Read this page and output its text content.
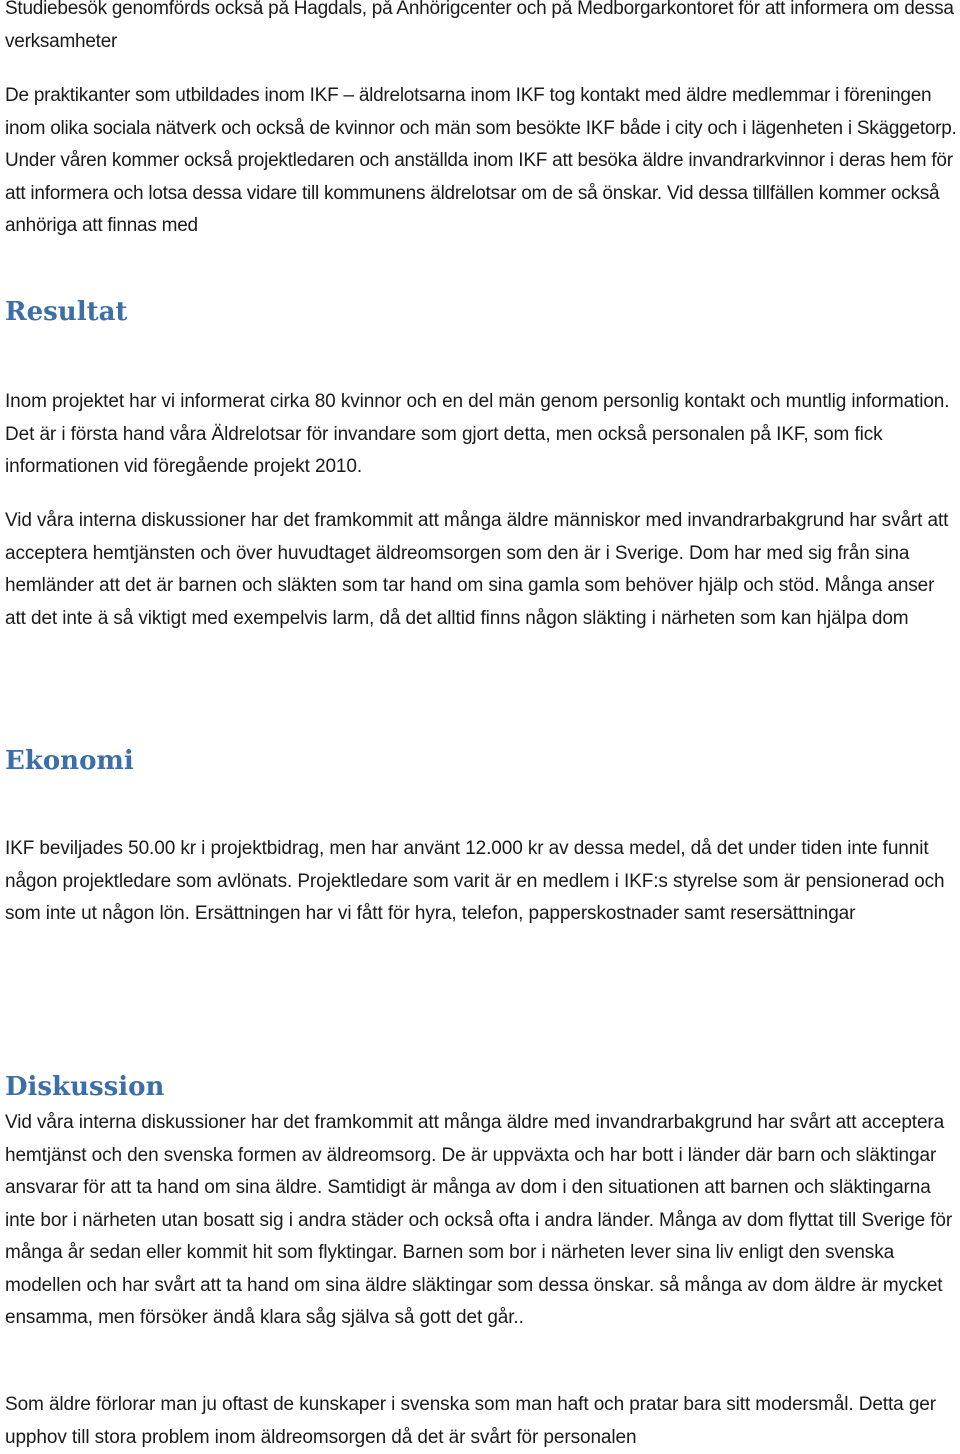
Studiebesök genomförds också på Hagdals, på Anhörigcenter och på Medborgarkontoret för att informera om dessa verksamheter

De praktikanter som utbildades inom IKF – äldrelotsarna inom IKF tog kontakt med äldre medlemmar i föreningen inom olika sociala nätverk och också de kvinnor och män som besökte IKF både i city och i lägenheten i Skäggetorp. Under våren kommer också projektledaren och anställda inom IKF att besöka äldre invandrarkvinnor i deras hem för att informera och lotsa dessa vidare till kommunens äldrelotsar om de så önskar. Vid dessa tillfällen kommer också anhöriga att finnas med

Resultat

Inom projektet har vi informerat cirka 80 kvinnor och en del män genom personlig kontakt och muntlig information. Det är i första hand våra Äldrelotsar för invandare som gjort detta, men också personalen på IKF, som fick informationen vid föregående projekt 2010.

Vid våra interna diskussioner har det framkommit att många äldre människor med invandrarbakgrund har svårt att acceptera hemtjänsten och över huvudtaget äldreomsorgen som den är i Sverige. Dom har med sig från sina hemländer att det är barnen och släkten som tar hand om sina gamla som behöver hjälp och stöd. Många anser att det inte ä så viktigt med exempelvis larm, då det alltid finns någon släkting i närheten som kan hjälpa dom

Ekonomi

IKF beviljades 50.00 kr i projektbidrag, men har använt 12.000 kr av dessa medel, då det under tiden inte funnit någon projektledare som avlönats. Projektledare som varit är en medlem i IKF:s styrelse som är pensionerad och som inte ut någon lön. Ersättningen har vi fått för hyra, telefon, papperskostnader samt resersättningar

Diskussion

Vid våra interna diskussioner har det framkommit att många äldre med invandrarbakgrund har svårt att acceptera hemtjänst och den svenska formen av äldreomsorg. De är uppväxta och har bott i länder där barn och släktingar ansvarar för att ta hand om sina äldre. Samtidigt är många av dom i den situationen att barnen och släktingarna inte bor i närheten utan bosatt sig i andra städer och också ofta i andra länder. Många av dom flyttat till Sverige för många år sedan eller kommit hit som flyktingar. Barnen som bor i närheten lever sina liv enligt den svenska modellen och har svårt att ta hand om sina äldre släktingar som dessa önskar. så många av dom äldre är mycket ensamma, men försöker ändå klara såg själva så gott det går..

Som äldre förlorar man ju oftast de kunskaper i svenska som man haft och pratar bara sitt modersmål. Detta ger upphov till stora problem inom äldreomsorgen då det är svårt för personalen
